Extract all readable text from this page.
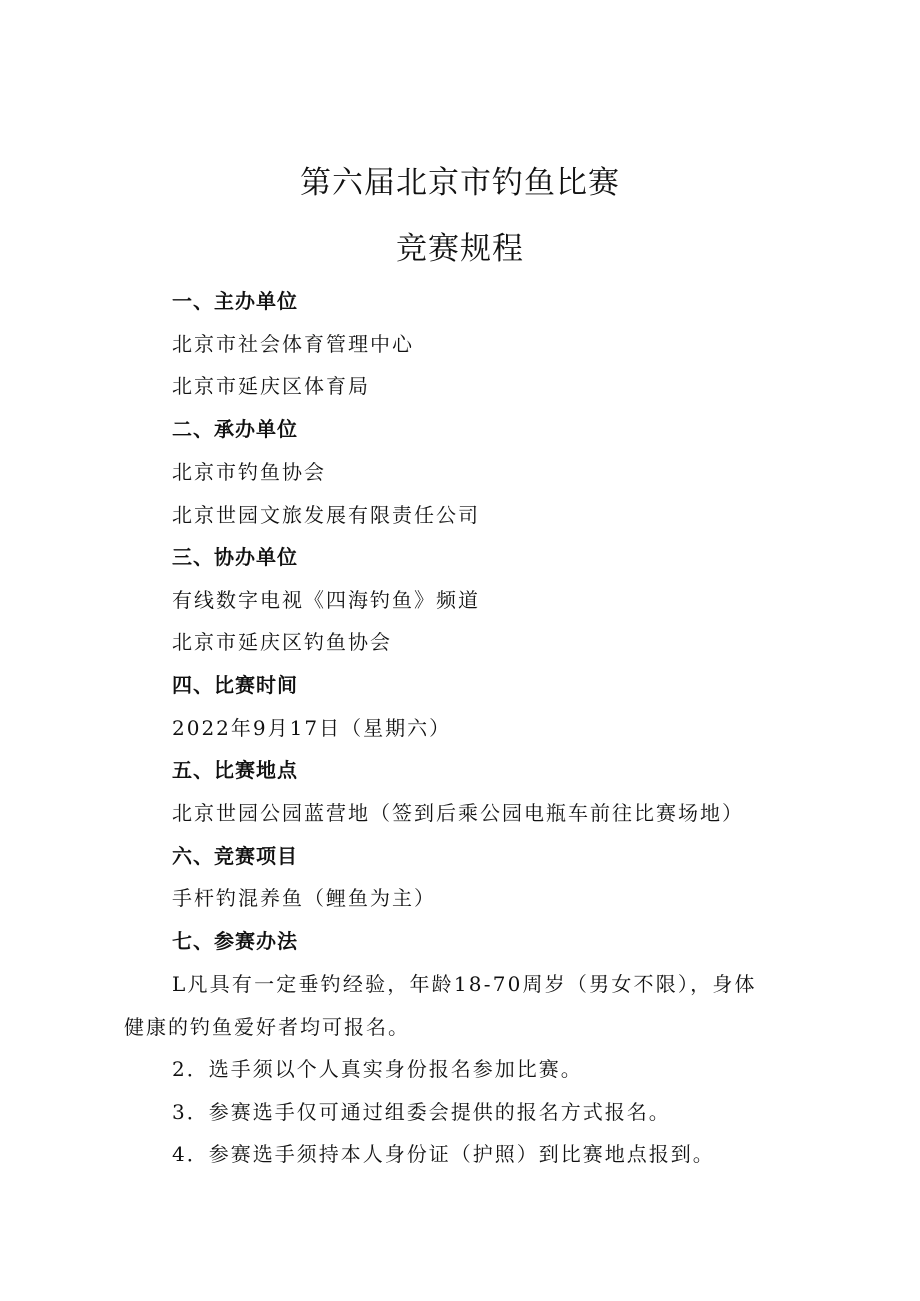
第六届北京市钓鱼比赛
竞赛规程

一、主办单位

北京市社会体育管理中心

北京市延庆区体育局

二、承办单位

北京市钓鱼协会

北京世园文旅发展有限责任公司

三、协办单位

有线数字电视《四海钓鱼》频道

北京市延庆区钓鱼协会

四、比赛时间

2022年9月17日（星期六）

五、比赛地点

北京世园公园蓝营地（签到后乘公园电瓶车前往比赛场地）

六、竞赛项目

手杆钓混养鱼（鲤鱼为主）

七、参赛办法

L凡具有一定垂钓经验，年龄18-70周岁（男女不限），身体

健康的钓鱼爱好者均可报名。

2．选手须以个人真实身份报名参加比赛。

3．参赛选手仅可通过组委会提供的报名方式报名。

4．参赛选手须持本人身份证（护照）到比赛地点报到。
